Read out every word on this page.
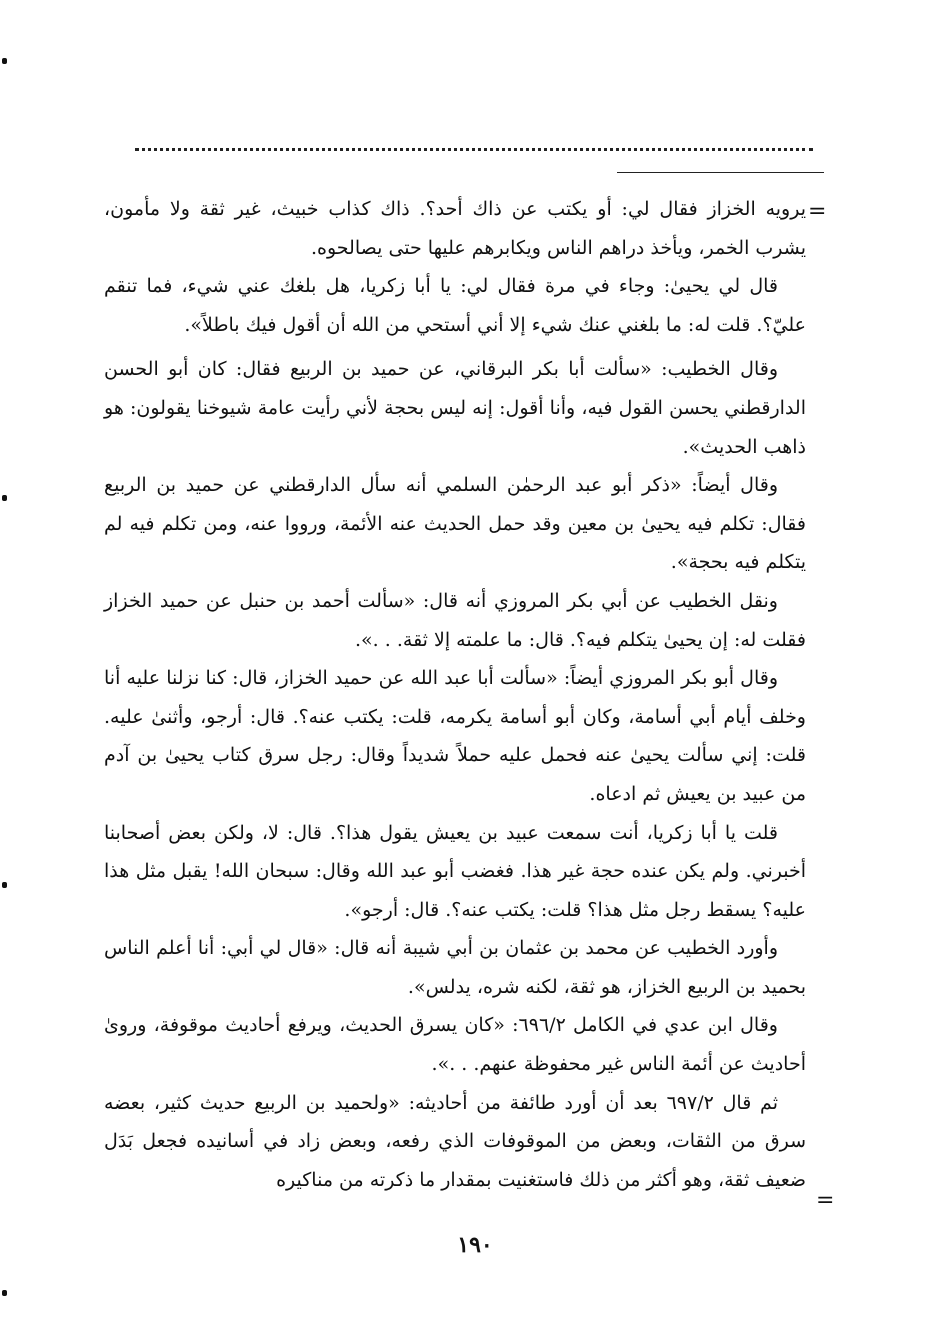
=

يرويه الخزاز فقال لي: أو يكتب عن ذاك أحد؟. ذاك كذاب خبيث، غير ثقة ولا مأمون، يشرب الخمر، ويأخذ دراهم الناس ويكابرهم عليها حتى يصالحوه.

قال لي يحيىٰ: وجاء في مرة فقال لي: يا أبا زكريا، هل بلغك عني شيء، فما تنقم عليّ؟. قلت له: ما بلغني عنك شيء إلا أني أستحي من الله أن أقول فيك باطلاً».

وقال الخطيب: «سألت أبا بكر البرقاني، عن حميد بن الربيع فقال: كان أبو الحسن الدارقطني يحسن القول فيه، وأنا أقول: إنه ليس بحجة لأني رأيت عامة شيوخنا يقولون: هو ذاهب الحديث».

وقال أيضاً: «ذكر أبو عبد الرحمٰن السلمي أنه سأل الدارقطني عن حميد بن الربيع فقال: تكلم فيه يحيىٰ بن معين وقد حمل الحديث عنه الأئمة، ورووا عنه، ومن تكلم فيه لم يتكلم فيه بحجة».

ونقل الخطيب عن أبي بكر المروزي أنه قال: «سألت أحمد بن حنبل عن حميد الخزاز فقلت له: إن يحيىٰ يتكلم فيه؟. قال: ما علمته إلا ثقة. . .».

وقال أبو بكر المروزي أيضاً: «سألت أبا عبد الله عن حميد الخزاز، قال: كنا نزلنا عليه أنا وخلف أيام أبي أسامة، وكان أبو أسامة يكرمه، قلت: يكتب عنه؟. قال: أرجو، وأثنىٰ عليه. قلت: إني سألت يحيىٰ عنه فحمل عليه حملاً شديداً وقال: رجل سرق كتاب يحيىٰ بن آدم من عبيد بن يعيش ثم ادعاه.

قلت يا أبا زكريا، أنت سمعت عبيد بن يعيش يقول هذا؟. قال: لا، ولكن بعض أصحابنا أخبرني. ولم يكن عنده حجة غير هذا. فغضب أبو عبد الله وقال: سبحان الله! يقبل مثل هذا عليه؟ يسقط رجل مثل هذا؟ قلت: يكتب عنه؟. قال: أرجو».

وأورد الخطيب عن محمد بن عثمان بن أبي شيبة أنه قال: «قال لي أبي: أنا أعلم الناس بحميد بن الربيع الخزاز، هو ثقة، لكنه شره، يدلس».

وقال ابن عدي في الكامل ٦٩٦/٢: «كان يسرق الحديث، ويرفع أحاديث موقوفة، وروىٰ أحاديث عن أئمة الناس غير محفوظة عنهم. . .».

ثم قال ٦٩٧/٢ بعد أن أورد طائفة من أحاديثه: «ولحميد بن الربيع حديث كثير، بعضه سرق من الثقات، وبعض من الموقوفات الذي رفعه، وبعض زاد في أسانيده فجعل بَدَل ضعيف ثقة، وهو أكثر من ذلك فاستغنيت بمقدار ما ذكرته من مناكيره

=
١٩٠
